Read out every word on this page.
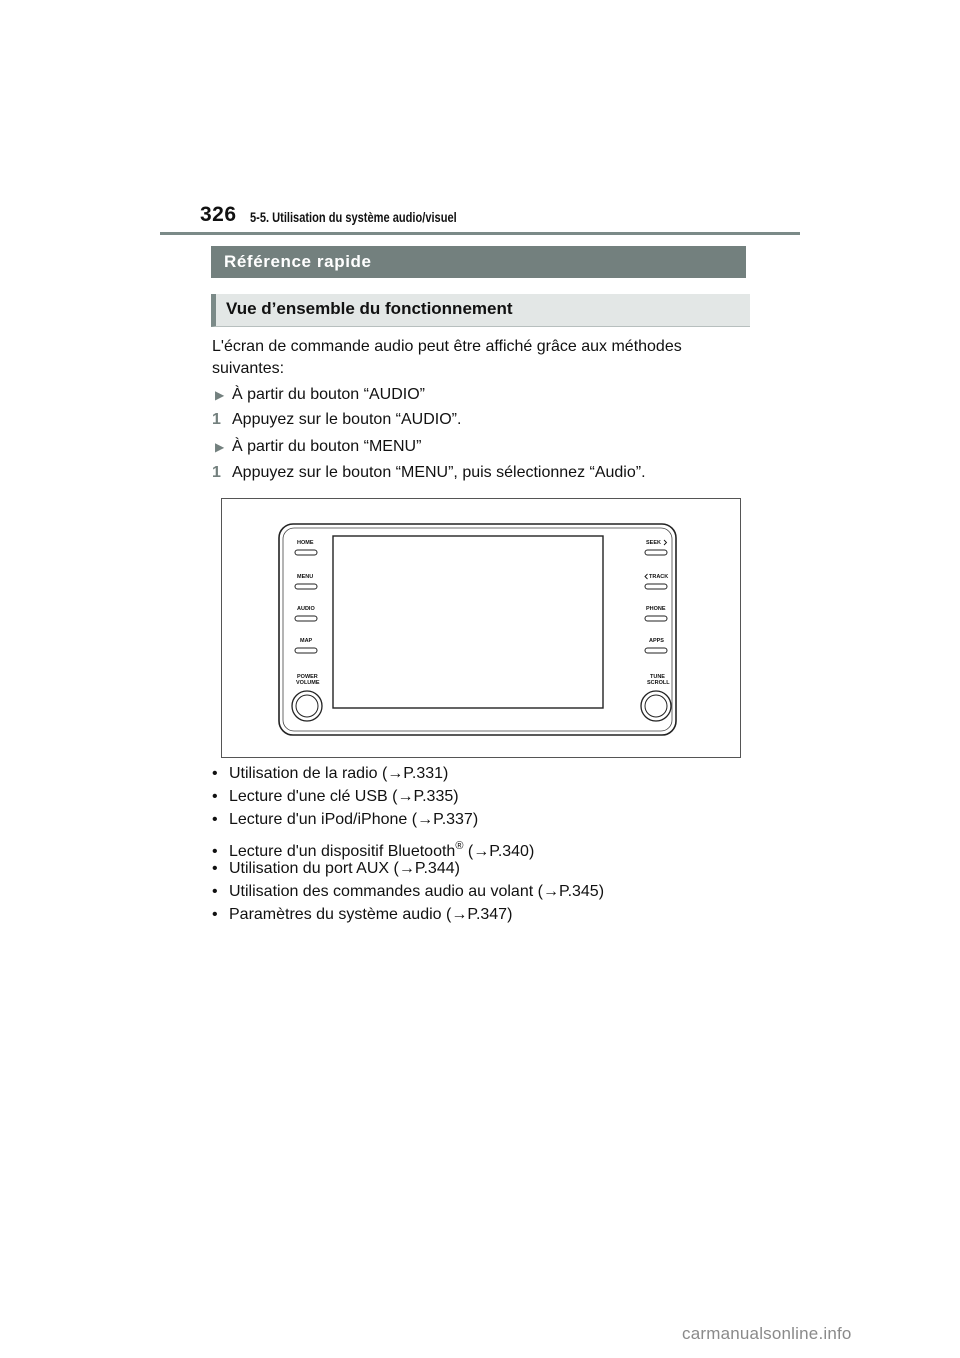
326 5-5. Utilisation du système audio/visuel
Référence rapide
Vue d’ensemble du fonctionnement
L'écran de commande audio peut être affiché grâce aux méthodes suivantes:
▶ À partir du bouton “AUDIO”
1 Appuyez sur le bouton “AUDIO”.
▶ À partir du bouton “MENU”
1 Appuyez sur le bouton “MENU”, puis sélectionnez “Audio”.
HOME
MENU
AUDIO
MAP
POWER
VOLUME
SEEK
TRACK
PHONE
APPS
TUNE
SCROLL
• Utilisation de la radio (→P.331)
• Lecture d'une clé USB (→P.335)
• Lecture d'un iPod/iPhone (→P.337)
• Lecture d'un dispositif Bluetooth® (→P.340)
• Utilisation du port AUX (→P.344)
• Utilisation des commandes audio au volant (→P.345)
• Paramètres du système audio (→P.347)
carmanualsonline.info
